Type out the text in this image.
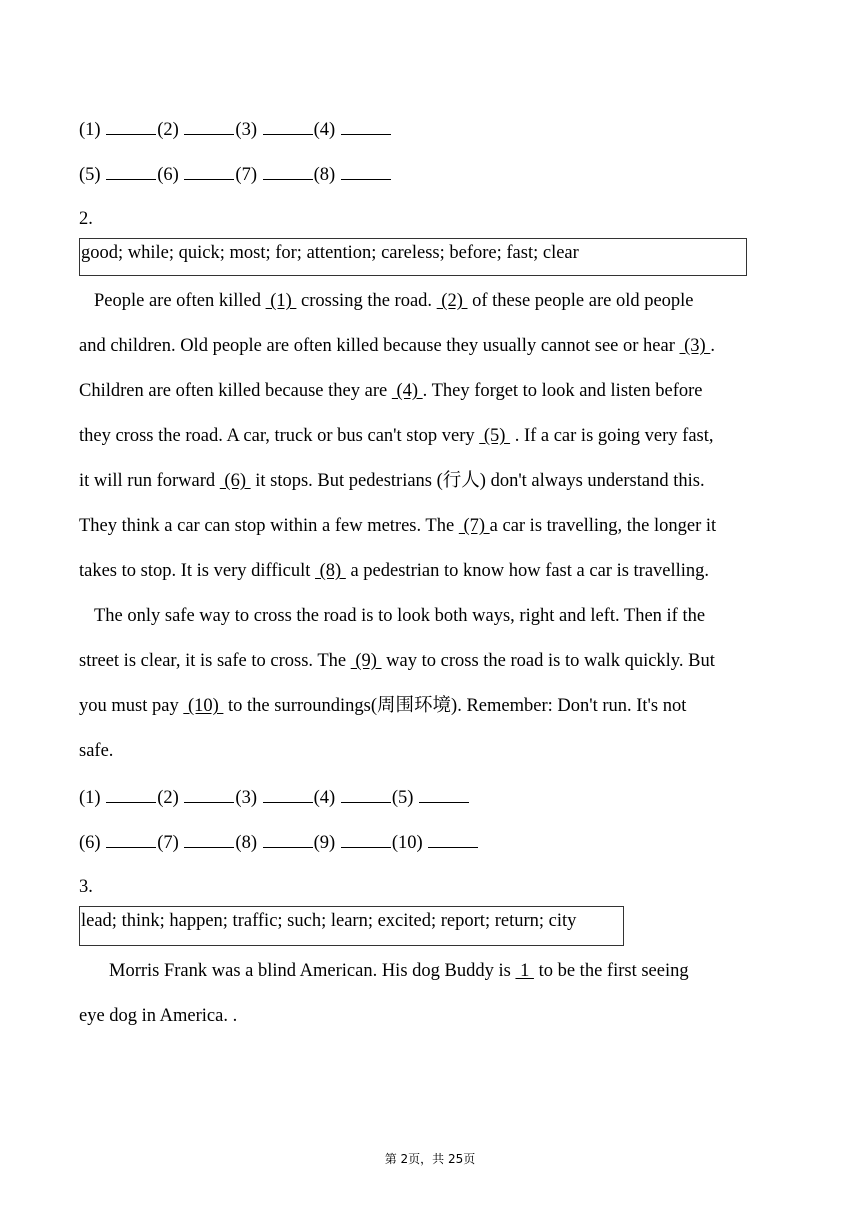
(1)	(2)	(3)	(4)
(5)	(6)	(7)	(8)
2.
good; while; quick; most; for; attention; careless; before; fast; clear
People are often killed  (1)  crossing the road.  (2)  of these people are old people
and children. Old people are often killed because they usually cannot see or hear  (3) .
Children are often killed because they are  (4) . They forget to look and listen before
they cross the road. A car, truck or bus can't stop very  (5)  . If a car is going very fast,
it will run forward  (6)  it stops. But pedestrians (行人) don't always understand this.
They think a car can stop within a few metres. The  (7) a car is travelling, the longer it
takes to stop. It is very difficult  (8)  a pedestrian to know how fast a car is travelling.
The only safe way to cross the road is to look both ways, right and left. Then if the
street is clear, it is safe to cross. The  (9)  way to cross the road is to walk quickly. But
you must pay  (10)  to the surroundings(周围环境). Remember: Don't run. It's not
safe.
(1)	(2)	(3)	(4)	(5)
(6)	(7)	(8)	(9)	(10)
3.
lead; think; happen; traffic; such; learn; excited; report; return; city
Morris Frank was a blind American. His dog Buddy is  1  to be the first seeing
eye dog in America. .
第 2页，共 25页
